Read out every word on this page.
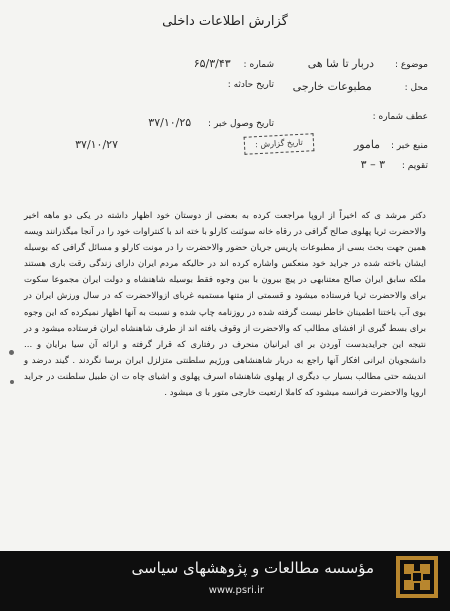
گزارش اطلاعات داخلی
موضوع : دربار تا شا هی
شماره : ۶۵/۳/۴۳
محل : مطبوعات خارجی
تاریخ حادثه :
عطف شماره :
تاریخ وصول خبر : ۳۷/۱۰/۲۵
منبع خبر : مامور
۳۷/۱۰/۲۷	تاریخ گزارش :
تقویم : ۳ – ۳

دکتر مرشد ی که اخیراً از اروپا مراجعت کرده به بعضی از دوستان خود اظهار داشته در یکی دو ماهه اخیر والاحضرت ثریا پهلوی صالح گرافی در رقاه خانه سوئنت کارلو با خته اند با کنتراوات خود را در آنجا میگذرانند ویسه همین جهت بحث بسی از مطبوعات پاریس جریان حضور والاحضرت را در مونت کارلو و مسائل گرافی که بوسیله ایشان باخته شده در جراید خود منعکس واشاره کرده اند در حالیکه مردم ایران دارای زندگی رقت باری هستند ملکه سابق ایران صالح معتنابهی در پیچ بیرون با بین وجوه فقط بوسیله شاهنشاه و دولت ایران مجموعا سکوت برای والاحضرت ثریا فرستاده میشود و قسمتی از متنها مستمیه غربای ازوالاحضرت که در سال ورزش ایران در بوی آب باختنا اطمینان خاطر نیست گرفته شده در روزنامه چاپ شده و نسبت به آنها اظهار نمیکرده که این وجوه برای بسط گیری از افشای مطالب که والاحضرت از وقوف یافته اند از طرف شاهنشاه ایران فرستاده میشود و در نتیجه این جرایدیدست آوردن بر ای ایرانیان منحرف در رفتاری که قرار گرفته و ارائه آن سیا برایان و ... دانشجویان ایرانی افکار آنها راجع به دربار شاهنشاهی ورژیم سلطنتی متزلزل ایران برسا نگردند . گیند درضد و اندیشه حتی مطالب بسیار ب دیگری ار پهلوی شاهنشاه اسرف پهلوی و اشیای چاه ت ان طبیل سلطنت در جراید اروپا والاحضرت فرانسه میشود که کاملا ارتعیت خارجی متور با ی میشود .

مؤسسه مطالعات و پژوهشهای سیاسی
www.psri.ir
